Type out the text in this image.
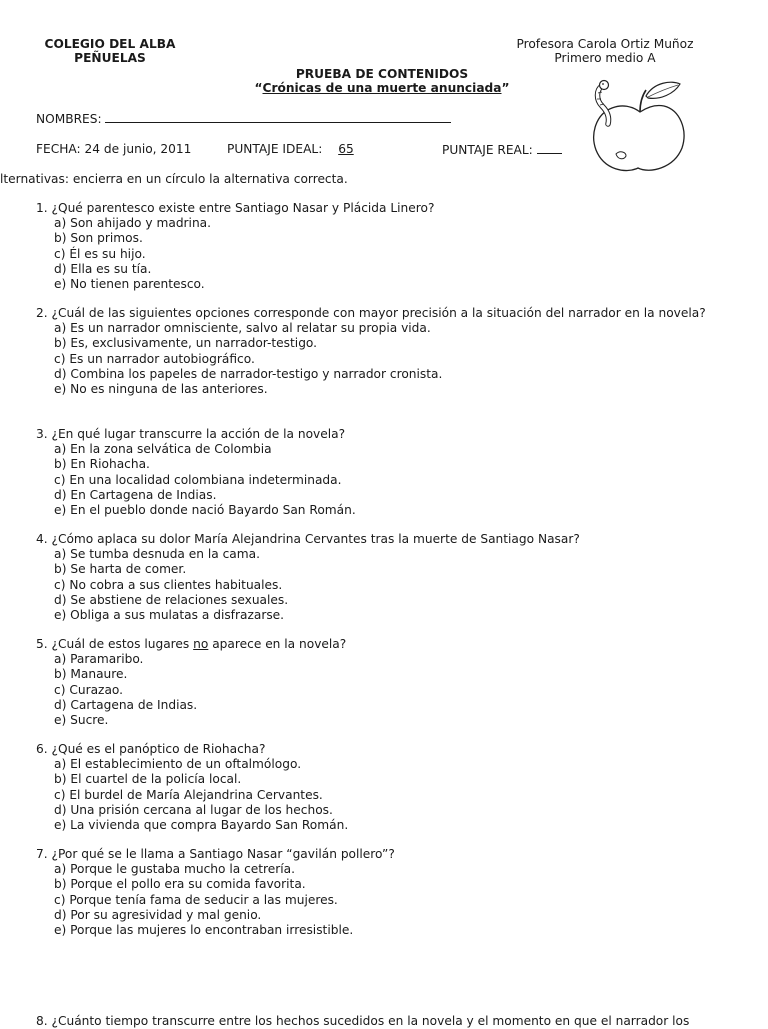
COLEGIO DEL ALBA
PEÑUELAS
Profesora Carola Ortiz Muñoz
Primero medio A
PRUEBA DE CONTENIDOS
“Crónicas de una muerte anunciada”
NOMBRES:
FECHA: 24 de junio, 2011	PUNTAJE IDEAL: 65	PUNTAJE REAL:
lternativas: encierra en un círculo la alternativa correcta.
1. ¿Qué parentesco existe entre Santiago Nasar y Plácida Linero?
a) Son ahijado y madrina.
b) Son primos.
c) Él es su hijo.
d) Ella es su tía.
e) No tienen parentesco.
2. ¿Cuál de las siguientes opciones corresponde con mayor precisión a la situación del narrador en la novela?
a) Es un narrador omnisciente, salvo al relatar su propia vida.
b) Es, exclusivamente, un narrador-testigo.
c) Es un narrador autobiográfico.
d) Combina los papeles de narrador-testigo y narrador cronista.
e) No es ninguna de las anteriores.
3. ¿En qué lugar transcurre la acción de la novela?
a) En la zona selvática de Colombia
b) En Riohacha.
c) En una localidad colombiana indeterminada.
d) En Cartagena de Indias.
e) En el pueblo donde nació Bayardo San Román.
4. ¿Cómo aplaca su dolor María Alejandrina Cervantes tras la muerte de Santiago Nasar?
a) Se tumba desnuda en la cama.
b) Se harta de comer.
c) No cobra a sus clientes habituales.
d) Se abstiene de relaciones sexuales.
e) Obliga a sus mulatas a disfrazarse.
5. ¿Cuál de estos lugares no aparece en la novela?
a) Paramaribo.
b) Manaure.
c) Curazao.
d) Cartagena de Indias.
e) Sucre.
6. ¿Qué es el panóptico de Riohacha?
a) El establecimiento de un oftalmólogo.
b) El cuartel de la policía local.
c) El burdel de María Alejandrina Cervantes.
d) Una prisión cercana al lugar de los hechos.
e) La vivienda que compra Bayardo San Román.
7. ¿Por qué se le llama a Santiago Nasar “gavilán pollero”?
a) Porque le gustaba mucho la cetrería.
b) Porque el pollo era su comida favorita.
c) Porque tenía fama de seducir a las mujeres.
d) Por su agresividad y mal genio.
e) Porque las mujeres lo encontraban irresistible.
8. ¿Cuánto tiempo transcurre entre los hechos sucedidos en la novela y el momento en que el narrador los
